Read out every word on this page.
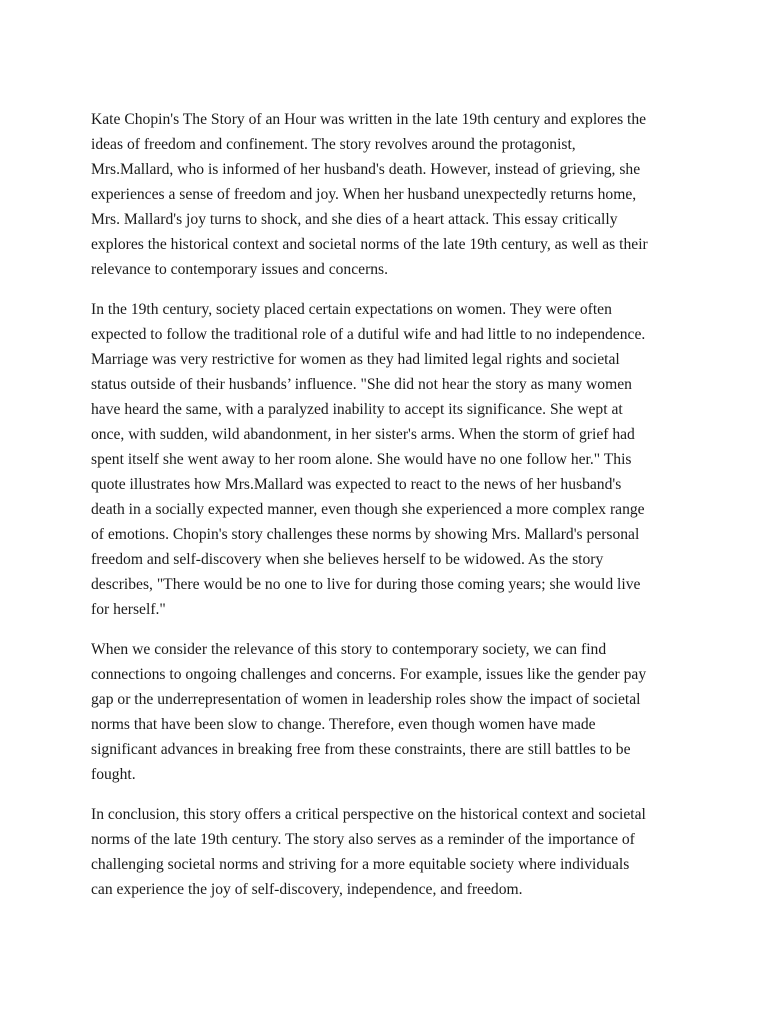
Kate Chopin's The Story of an Hour was written in the late 19th century and explores the
ideas of freedom and confinement. The story revolves around the protagonist,
Mrs.Mallard, who is informed of her husband's death. However, instead of grieving, she
experiences a sense of freedom and joy. When her husband unexpectedly returns home,
Mrs. Mallard's joy turns to shock, and she dies of a heart attack. This essay critically
explores the historical context and societal norms of the late 19th century, as well as their
relevance to contemporary issues and concerns.
In the 19th century, society placed certain expectations on women. They were often
expected to follow the traditional role of a dutiful wife and had little to no independence.
Marriage was very restrictive for women as they had limited legal rights and societal
status outside of their husbands’ influence. "She did not hear the story as many women
have heard the same, with a paralyzed inability to accept its significance. She wept at
once, with sudden, wild abandonment, in her sister's arms. When the storm of grief had
spent itself she went away to her room alone. She would have no one follow her." This
quote illustrates how Mrs.Mallard was expected to react to the news of her husband's
death in a socially expected manner, even though she experienced a more complex range
of emotions. Chopin's story challenges these norms by showing Mrs. Mallard's personal
freedom and self-discovery when she believes herself to be widowed. As the story
describes, "There would be no one to live for during those coming years; she would live
for herself."
When we consider the relevance of this story to contemporary society, we can find
connections to ongoing challenges and concerns. For example, issues like the gender pay
gap or the underrepresentation of women in leadership roles show the impact of societal
norms that have been slow to change. Therefore, even though women have made
significant advances in breaking free from these constraints, there are still battles to be
fought.
In conclusion, this story offers a critical perspective on the historical context and societal
norms of the late 19th century. The story also serves as a reminder of the importance of
challenging societal norms and striving for a more equitable society where individuals
can experience the joy of self-discovery, independence, and freedom.
